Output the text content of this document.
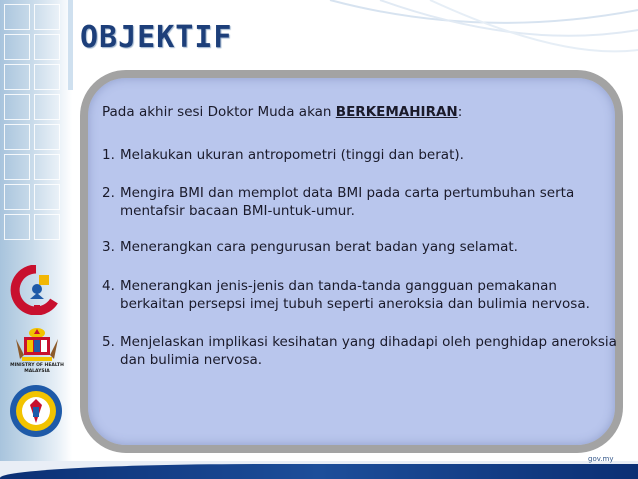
OBJEKTIF

Pada akhir sesi Doktor Muda akan BERKEMAHIRAN:

1. Melakukan ukuran antropometri (tinggi dan berat).
2. Mengira BMI dan memplot data BMI pada carta pertumbuhan serta mentafsir bacaan BMI-untuk-umur.
3. Menerangkan cara pengurusan berat badan yang selamat.
4. Menerangkan jenis-jenis dan tanda-tanda gangguan pemakanan berkaitan persepsi imej tubuh seperti aneroksia dan bulimia nervosa.
5. Menjelaskan implikasi kesihatan yang dihadapi oleh penghidap aneroksia dan bulimia nervosa.
MINISTRY OF HEALTH
MALAYSIA
gov.my
